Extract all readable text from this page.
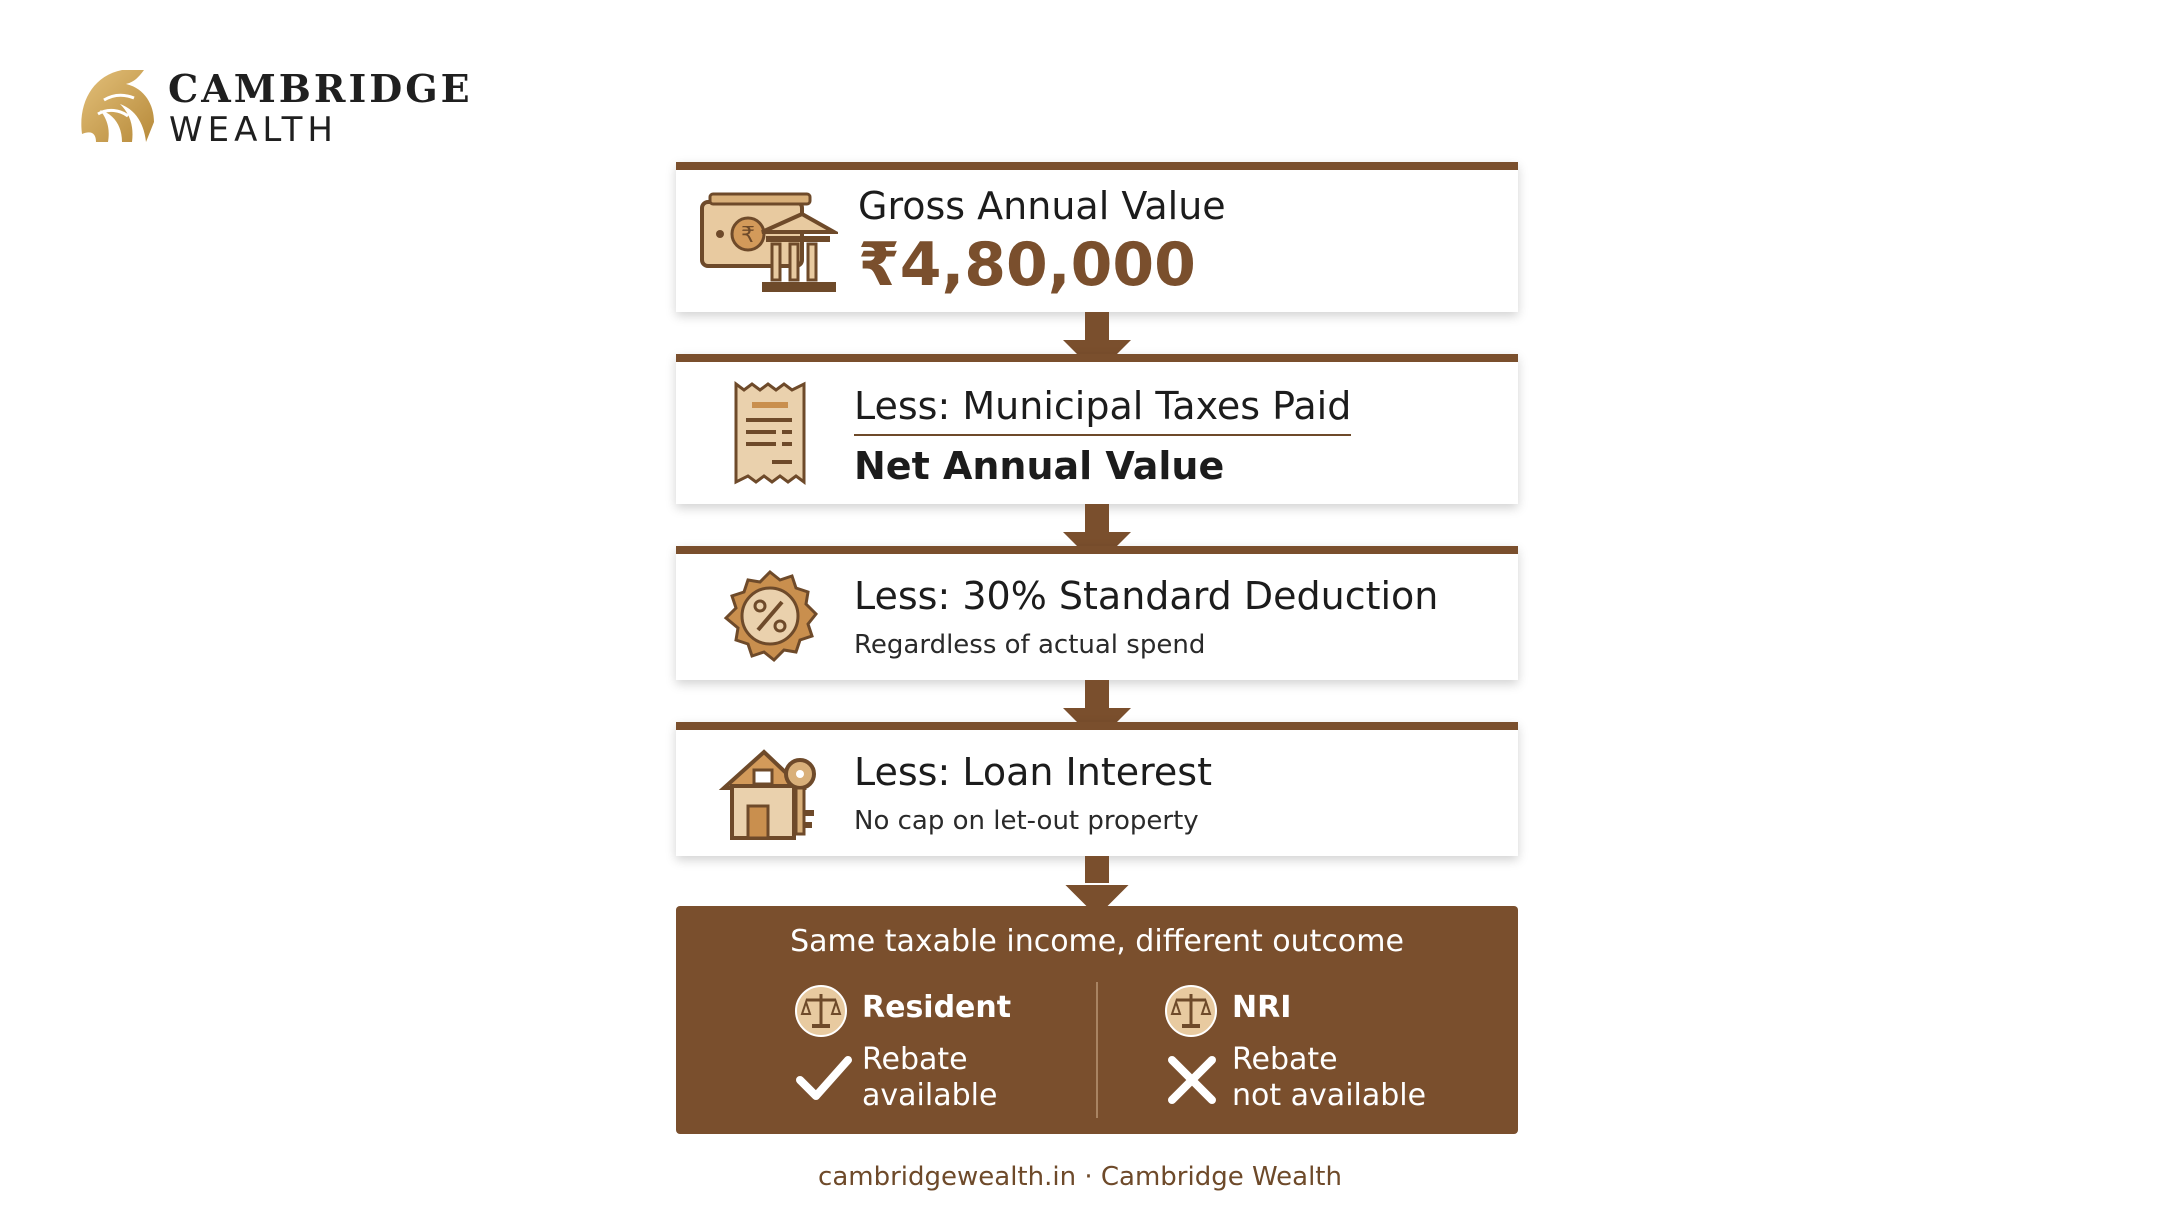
CAMBRIDGE
WEALTH
₹
Gross Annual Value
₹4,80,000
Less: Municipal Taxes Paid
Net Annual Value
Less: 30% Standard Deduction
Regardless of actual spend
Less: Loan Interest
No cap on let-out property
Same taxable income, different outcome
Resident
Rebate
available
NRI
Rebate
not available
cambridgewealth.in · Cambridge Wealth
